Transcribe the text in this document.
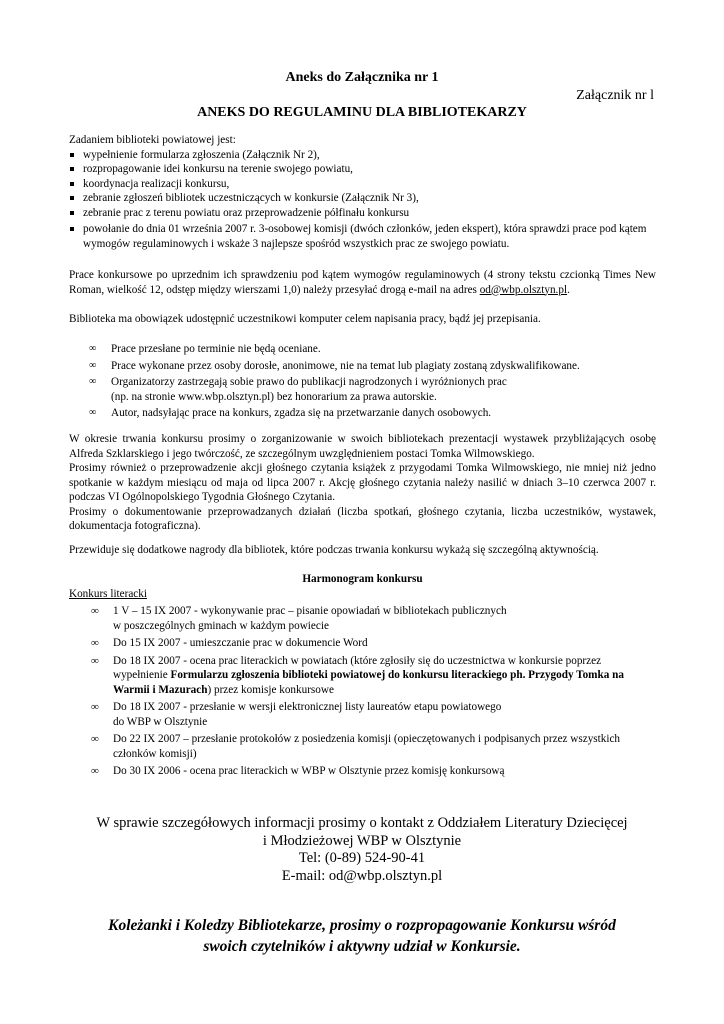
Aneks do Załącznika nr 1
Załącznik nr l
ANEKS DO REGULAMINU DLA BIBLIOTEKARZY
Zadaniem biblioteki powiatowej jest:
wypełnienie formularza zgłoszenia (Załącznik Nr 2),
rozpropagowanie idei konkursu na terenie swojego powiatu,
koordynacja realizacji konkursu,
zebranie zgłoszeń bibliotek uczestniczących w konkursie (Załącznik Nr 3),
zebranie prac z terenu powiatu oraz przeprowadzenie półfinału konkursu
powołanie do dnia 01 września 2007 r. 3-osobowej komisji (dwóch członków, jeden ekspert), która sprawdzi prace pod kątem wymogów regulaminowych i wskaże 3 najlepsze spośród wszystkich prac ze swojego powiatu.
Prace konkursowe po uprzednim ich sprawdzeniu pod kątem wymogów regulaminowych (4 strony tekstu czcionką Times New Roman, wielkość 12, odstęp między wierszami 1,0) należy przesyłać drogą e-mail na adres od@wbp.olsztyn.pl.
Biblioteka ma obowiązek udostępnić uczestnikowi komputer celem napisania pracy, bądź jej przepisania.
∞ Prace przesłane po terminie nie będą oceniane.
∞ Prace wykonane przez osoby dorosłe, anonimowe, nie na temat lub plagiaty zostaną zdyskwalifikowane.
∞ Organizatorzy zastrzegają sobie prawo do publikacji nagrodzonych i wyróżnionych prac
(np. na stronie www.wbp.olsztyn.pl) bez honorarium za prawa autorskie.
∞ Autor, nadsyłając prace na konkurs, zgadza się na przetwarzanie danych osobowych.
W okresie trwania konkursu prosimy o zorganizowanie w swoich bibliotekach prezentacji wystawek przybliżających osobę Alfreda Szklarskiego i jego twórczość, ze szczególnym uwzględnieniem postaci Tomka Wilmowskiego.
Prosimy również o przeprowadzenie akcji głośnego czytania książek z przygodami Tomka Wilmowskiego, nie mniej niż jedno spotkanie w każdym miesiącu od maja od lipca 2007 r. Akcję głośnego czytania należy nasilić w dniach 3–10 czerwca 2007 r. podczas VI Ogólnopolskiego Tygodnia Głośnego Czytania.
Prosimy o dokumentowanie przeprowadzanych działań (liczba spotkań, głośnego czytania, liczba uczestników, wystawek, dokumentacja fotograficzna).
Przewiduje się dodatkowe nagrody dla bibliotek, które podczas trwania konkursu wykażą się szczególną aktywnością.
Harmonogram konkursu
Konkurs literacki
∞ 1 V – 15 IX 2007 - wykonywanie prac – pisanie opowiadań w bibliotekach publicznych
w poszczególnych gminach w każdym powiecie
∞ Do 15 IX 2007 - umieszczanie prac w dokumencie Word
∞ Do 18 IX 2007 - ocena prac literackich w powiatach (które zgłosiły się do uczestnictwa w konkursie poprzez wypełnienie Formularzu zgłoszenia biblioteki powiatowej do konkursu literackiego ph. Przygody Tomka na Warmii i Mazurach) przez komisje konkursowe
∞ Do 18 IX 2007 - przesłanie w wersji elektronicznej listy laureatów etapu powiatowego
do WBP w Olsztynie
∞ Do 22 IX 2007 – przesłanie protokołów z posiedzenia komisji (opieczętowanych i podpisanych przez wszystkich członków komisji)
∞ Do 30 IX 2006 - ocena prac literackich w WBP w Olsztynie przez komisję konkursową
W sprawie szczegółowych informacji prosimy o kontakt z Oddziałem Literatury Dziecięcej
i Młodzieżowej WBP w Olsztynie
Tel: (0-89) 524-90-41
E-mail: od@wbp.olsztyn.pl
Koleżanki i Koledzy Bibliotekarze, prosimy o rozpropagowanie Konkursu wśród
swoich czytelników i aktywny udział w Konkursie.
